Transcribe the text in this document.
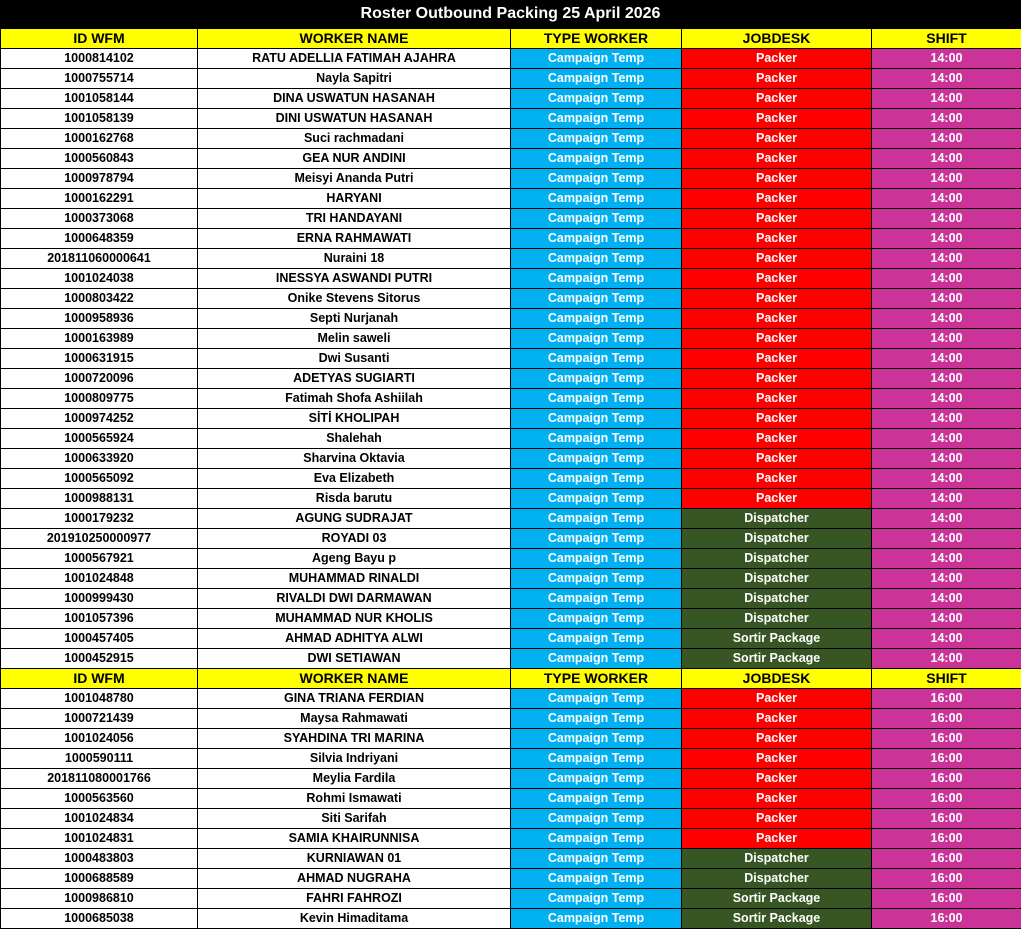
Roster Outbound Packing 25 April 2026
ID WFM	WORKER NAME	TYPE WORKER	JOBDESK	SHIFT
1000814102	RATU ADELLIA FATIMAH AJAHRA	Campaign Temp	Packer	14:00
1000755714	Nayla Sapitri	Campaign Temp	Packer	14:00
1001058144	DINA USWATUN HASANAH	Campaign Temp	Packer	14:00
1001058139	DINI USWATUN HASANAH	Campaign Temp	Packer	14:00
1000162768	Suci rachmadani	Campaign Temp	Packer	14:00
1000560843	GEA NUR ANDINI	Campaign Temp	Packer	14:00
1000978794	Meisyi Ananda Putri	Campaign Temp	Packer	14:00
1000162291	HARYANI	Campaign Temp	Packer	14:00
1000373068	TRI HANDAYANI	Campaign Temp	Packer	14:00
1000648359	ERNA RAHMAWATI	Campaign Temp	Packer	14:00
201811060000641	Nuraini 18	Campaign Temp	Packer	14:00
1001024038	INESSYA ASWANDI PUTRI	Campaign Temp	Packer	14:00
1000803422	Onike Stevens Sitorus	Campaign Temp	Packer	14:00
1000958936	Septi Nurjanah	Campaign Temp	Packer	14:00
1000163989	Melin saweli	Campaign Temp	Packer	14:00
1000631915	Dwi Susanti	Campaign Temp	Packer	14:00
1000720096	ADETYAS SUGIARTI	Campaign Temp	Packer	14:00
1000809775	Fatimah Shofa Ashiilah	Campaign Temp	Packer	14:00
1000974252	SİTİ KHOLIPAH	Campaign Temp	Packer	14:00
1000565924	Shalehah	Campaign Temp	Packer	14:00
1000633920	Sharvina Oktavia	Campaign Temp	Packer	14:00
1000565092	Eva Elizabeth	Campaign Temp	Packer	14:00
1000988131	Risda barutu	Campaign Temp	Packer	14:00
1000179232	AGUNG SUDRAJAT	Campaign Temp	Dispatcher	14:00
201910250000977	ROYADI 03	Campaign Temp	Dispatcher	14:00
1000567921	Ageng Bayu p	Campaign Temp	Dispatcher	14:00
1001024848	MUHAMMAD RINALDI	Campaign Temp	Dispatcher	14:00
1000999430	RIVALDI DWI DARMAWAN	Campaign Temp	Dispatcher	14:00
1001057396	MUHAMMAD NUR KHOLIS	Campaign Temp	Dispatcher	14:00
1000457405	AHMAD ADHITYA ALWI	Campaign Temp	Sortir Package	14:00
1000452915	DWI SETIAWAN	Campaign Temp	Sortir Package	14:00
ID WFM	WORKER NAME	TYPE WORKER	JOBDESK	SHIFT
1001048780	GINA TRIANA FERDIAN	Campaign Temp	Packer	16:00
1000721439	Maysa Rahmawati	Campaign Temp	Packer	16:00
1001024056	SYAHDINA TRI MARINA	Campaign Temp	Packer	16:00
1000590111	Silvia Indriyani	Campaign Temp	Packer	16:00
201811080001766	Meylia Fardila	Campaign Temp	Packer	16:00
1000563560	Rohmi Ismawati	Campaign Temp	Packer	16:00
1001024834	Siti Sarifah	Campaign Temp	Packer	16:00
1001024831	SAMIA KHAIRUNNISA	Campaign Temp	Packer	16:00
1000483803	KURNIAWAN 01	Campaign Temp	Dispatcher	16:00
1000688589	AHMAD NUGRAHA	Campaign Temp	Dispatcher	16:00
1000986810	FAHRI FAHROZI	Campaign Temp	Sortir Package	16:00
1000685038	Kevin Himaditama	Campaign Temp	Sortir Package	16:00
